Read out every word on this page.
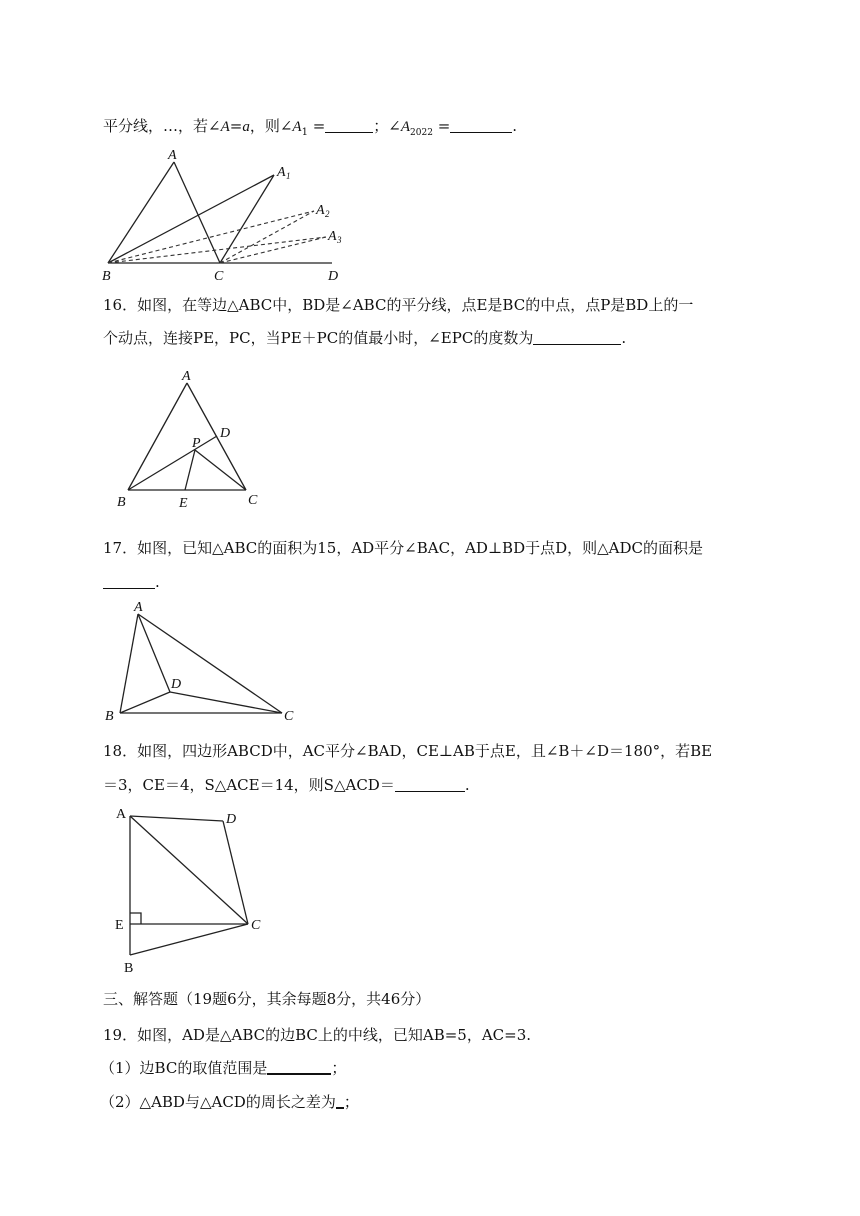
平分线，…，若∠A=a，则$\angle A_1$ =	；$\angle A_{2022}$ =	.
A
A 1
A 2
A 3
B	C	D
16．如图，在等边△ABC中，BD是∠ABC的平分线，点E是BC的中点，点P是BD上的一
个动点，连接PE，PC，当PE＋PC的值最小时，∠EPC的度数为	.
A
D
P
B	E	C
17．如图，已知△ABC的面积为15，AD平分∠BAC，AD⊥BD于点D，则△ADC的面积是
.
A
D
B	C
18．如图，四边形ABCD中，AC平分∠BAD，CE⊥AB于点E，且∠B＋∠D＝180°，若BE
＝3，CE＝4，S△ACE＝14，则S△ACD＝	.
A	D
E	C
B
三、解答题（19题6分，其余每题8分，共46分）
19．如图，AD是△ABC的边BC上的中线，已知AB=5，AC=3.
（1）边BC的取值范围是	；
（2）△ABD与△ACD的周长之差为 ；
